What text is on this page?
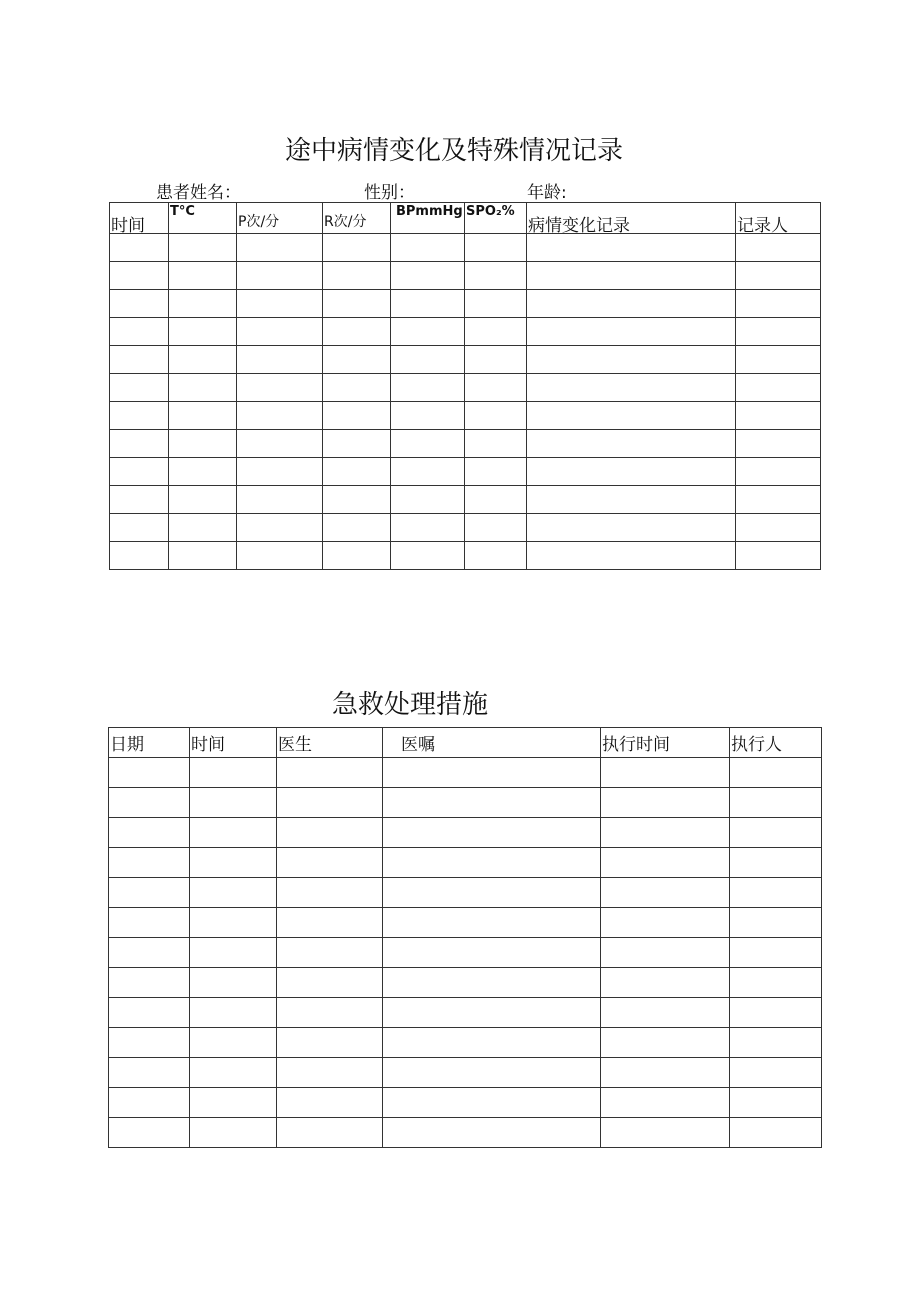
途中病情变化及特殊情况记录
患者姓名：	性别：	年龄:
时间	T°C	P次/分	R次/分	BPmmHg	SPO₂%	病情变化记录	记录人

急救处理措施
日期	时间	医生	医嘱	执行时间	执行人
